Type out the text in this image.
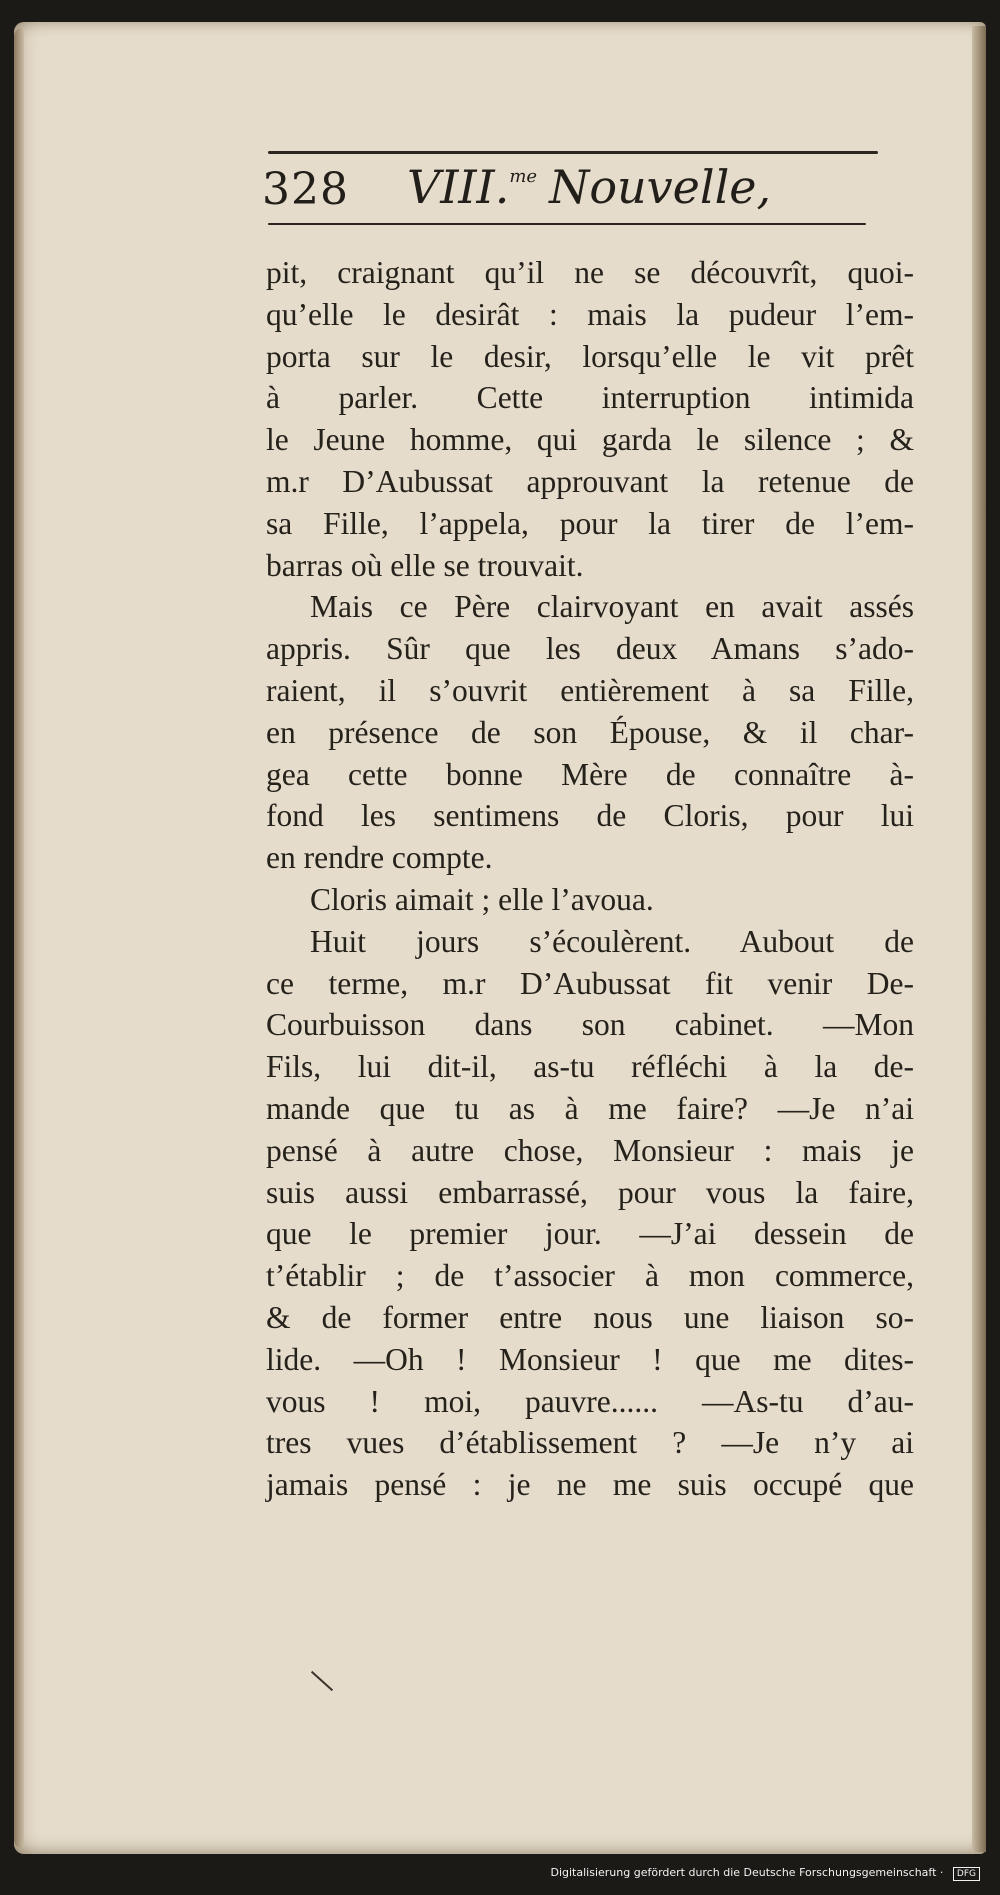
328 VIII.$^{me}$ Nouvelle,
pit, craignant qu’il ne se découvrît, quoi-
qu’elle le desirât : mais la pudeur l’em-
porta sur le desir, lorsqu’elle le vit prêt
à parler. Cette interruption intimida
le Jeune homme, qui garda le silence ; &
m.r D’Aubussat approuvant la retenue de
sa Fille, l’appela, pour la tirer de l’em-
barras où elle se trouvait.
Mais ce Père clairvoyant en avait assés
appris. Sûr que les deux Amans s’ado-
raient, il s’ouvrit entièrement à sa Fille,
en présence de son Épouse, & il char-
gea cette bonne Mère de connaître à-
fond les sentimens de Cloris, pour lui
en rendre compte.
Cloris aimait ; elle l’avoua.
Huit jours s’écoulèrent. Aubout de
ce terme, m.r D’Aubussat fit venir De-
Courbuisson dans son cabinet. —Mon
Fils, lui dit-il, as-tu réfléchi à la de-
mande que tu as à me faire? —Je n’ai
pensé à autre chose, Monsieur : mais je
suis aussi embarrassé, pour vous la faire,
que le premier jour. —J’ai dessein de
t’établir ; de t’associer à mon commerce,
& de former entre nous une liaison so-
lide. —Oh ! Monsieur ! que me dites-
vous ! moi, pauvre...... —As-tu d’au-
tres vues d’établissement ? —Je n’y ai
jamais pensé : je ne me suis occupé que
Digitalisierung gefördert durch die Deutsche Forschungsgemeinschaft · DFG
